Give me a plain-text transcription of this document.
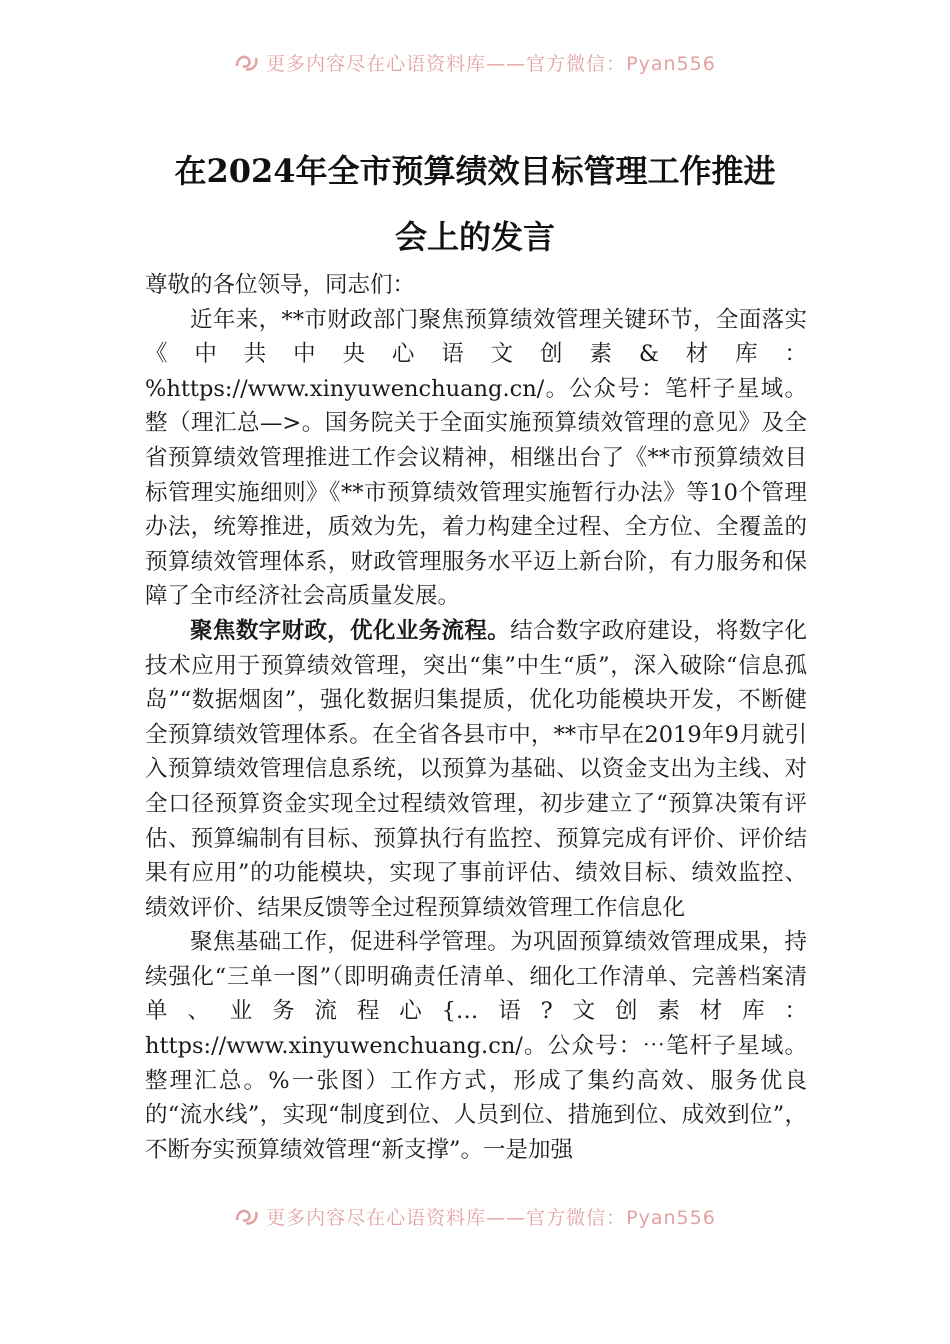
更多内容尽在心语资料库——官方微信：Pyan556
在2024年全市预算绩效目标管理工作推进
会上的发言

尊敬的各位领导，同志们：

近年来，**市财政部门聚焦预算绩效管理关键环节，全面落实《中共中央心语文创素&材库：%https://www.xinyuwenchuang.cn/。公众号：笔杆子星域。整（理汇总—>。国务院关于全面实施预算绩效管理的意见》及全省预算绩效管理推进工作会议精神，相继出台了《**市预算绩效目标管理实施细则》《**市预算绩效管理实施暂行办法》等10个管理办法，统筹推进，质效为先，着力构建全过程、全方位、全覆盖的预算绩效管理体系，财政管理服务水平迈上新台阶，有力服务和保障了全市经济社会高质量发展。

聚焦数字财政，优化业务流程。结合数字政府建设，将数字化技术应用于预算绩效管理，突出“集”中生“质”，深入破除“信息孤岛”“数据烟囱”，强化数据归集提质，优化功能模块开发，不断健全预算绩效管理体系。在全省各县市中，**市早在2019年9月就引入预算绩效管理信息系统，以预算为基础、以资金支出为主线、对全口径预算资金实现全过程绩效管理，初步建立了“预算决策有评估、预算编制有目标、预算执行有监控、预算完成有评价、评价结果有应用”的功能模块，实现了事前评估、绩效目标、绩效监控、绩效评价、结果反馈等全过程预算绩效管理工作信息化

聚焦基础工作，促进科学管理。为巩固预算绩效管理成果，持续强化“三单一图”（即明确责任清单、细化工作清单、完善档案清单、业务流程心{…语?文创素材库：https://www.xinyuwenchuang.cn/。公众号：⋯笔杆子星域。整理汇总。%一张图）工作方式，形成了集约高效、服务优良的“流水线”，实现“制度到位、人员到位、措施到位、成效到位”，不断夯实预算绩效管理“新支撑”。一是加强

更多内容尽在心语资料库——官方微信：Pyan556
